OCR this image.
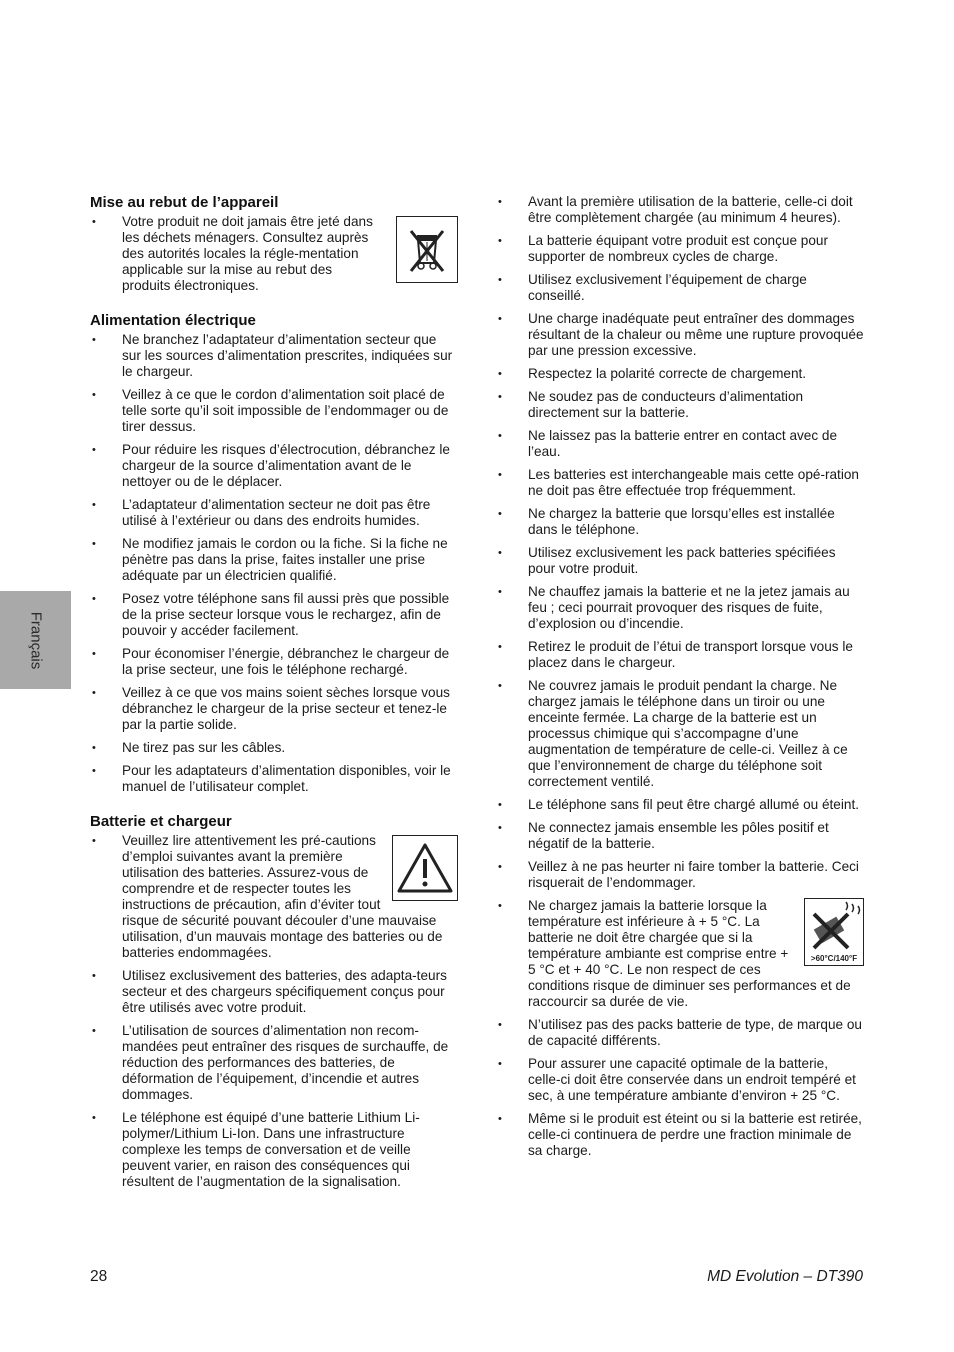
Français
Mise au rebut de l’appareil
• Votre produit ne doit jamais être jeté dans les déchets ménagers. Consultez auprès des autorités locales la régle-mentation applicable sur la mise au rebut des produits électroniques.
Alimentation électrique
• Ne branchez l’adaptateur d’alimentation secteur que sur les sources d’alimentation prescrites, indiquées sur le chargeur.
• Veillez à ce que le cordon d’alimentation soit placé de telle sorte qu’il soit impossible de l’endommager ou de tirer dessus.
• Pour réduire les risques d’électrocution, débranchez le chargeur de la source d’alimentation avant de le nettoyer ou de le déplacer.
• L’adaptateur d’alimentation secteur ne doit pas être utilisé à l’extérieur ou dans des endroits humides.
• Ne modifiez jamais le cordon ou la fiche. Si la fiche ne pénètre pas dans la prise, faites installer une prise adéquate par un électricien qualifié.
• Posez votre téléphone sans fil aussi près que possible de la prise secteur lorsque vous le rechargez, afin de pouvoir y accéder facilement.
• Pour économiser l’énergie, débranchez le chargeur de la prise secteur, une fois le téléphone rechargé.
• Veillez à ce que vos mains soient sèches lorsque vous débranchez le chargeur de la prise secteur et tenez-le par la partie solide.
• Ne tirez pas sur les câbles.
• Pour les adaptateurs d’alimentation disponibles, voir le manuel de l’utilisateur complet.
Batterie et chargeur
• Veuillez lire attentivement les pré-cautions d’emploi suivantes avant la première utilisation des batteries. Assurez-vous de comprendre et de respecter toutes les instructions de précaution, afin d’éviter tout risque de sécurité pouvant découler d’une mauvaise utilisation, d’un mauvais montage des batteries ou de batteries endommagées.
• Utilisez exclusivement des batteries, des adapta-teurs secteur et des chargeurs spécifiquement conçus pour être utilisés avec votre produit.
• L’utilisation de sources d’alimentation non recom-mandées peut entraîner des risques de surchauffe, de réduction des performances des batteries, de déformation de l’équipement, d’incendie et autres dommages.
• Le téléphone est équipé d’une batterie Lithium Li-polymer/Lithium Li-Ion. Dans une infrastructure complexe les temps de conversation et de veille peuvent varier, en raison des conséquences qui résultent de l’augmentation de la signalisation.
• Avant la première utilisation de la batterie, celle-ci doit être complètement chargée (au minimum 4 heures).
• La batterie équipant votre produit est conçue pour supporter de nombreux cycles de charge.
• Utilisez exclusivement l’équipement de charge conseillé.
• Une charge inadéquate peut entraîner des dommages résultant de la chaleur ou même une rupture provoquée par une pression excessive.
• Respectez la polarité correcte de chargement.
• Ne soudez pas de conducteurs d’alimentation directement sur la batterie.
• Ne laissez pas la batterie entrer en contact avec de l’eau.
• Les batteries est interchangeable mais cette opé-ration ne doit pas être effectuée trop fréquemment.
• Ne chargez la batterie que lorsqu’elles est installée dans le téléphone.
• Utilisez exclusivement les pack batteries spécifiées pour votre produit.
• Ne chauffez jamais la batterie et ne la jetez jamais au feu ; ceci pourrait provoquer des risques de fuite, d’explosion ou d’incendie.
• Retirez le produit de l’étui de transport lorsque vous le placez dans le chargeur.
• Ne couvrez jamais le produit pendant la charge. Ne chargez jamais le téléphone dans un tiroir ou une enceinte fermée. La charge de la batterie est un processus chimique qui s’accompagne d’une augmentation de température de celle-ci. Veillez à ce que l’environnement de charge du téléphone soit correctement ventilé.
• Le téléphone sans fil peut être chargé allumé ou éteint.
• Ne connectez jamais ensemble les pôles positif et négatif de la batterie.
• Veillez à ne pas heurter ni faire tomber la batterie. Ceci risquerait de l’endommager.
• >60°C/140°F
Ne chargez jamais la batterie lorsque la température est inférieure à + 5 °C. La batterie ne doit être chargée que si la température ambiante est comprise entre + 5 °C et + 40 °C. Le non respect de ces conditions risque de diminuer ses performances et de raccourcir sa durée de vie.
• N’utilisez pas des packs batterie de type, de marque ou de capacité différents.
• Pour assurer une capacité optimale de la batterie, celle-ci doit être conservée dans un endroit tempéré et sec, à une température ambiante d’environ + 25 °C.
• Même si le produit est éteint ou si la batterie est retirée, celle-ci continuera de perdre une fraction minimale de sa charge.
28	MD Evolution – DT390
